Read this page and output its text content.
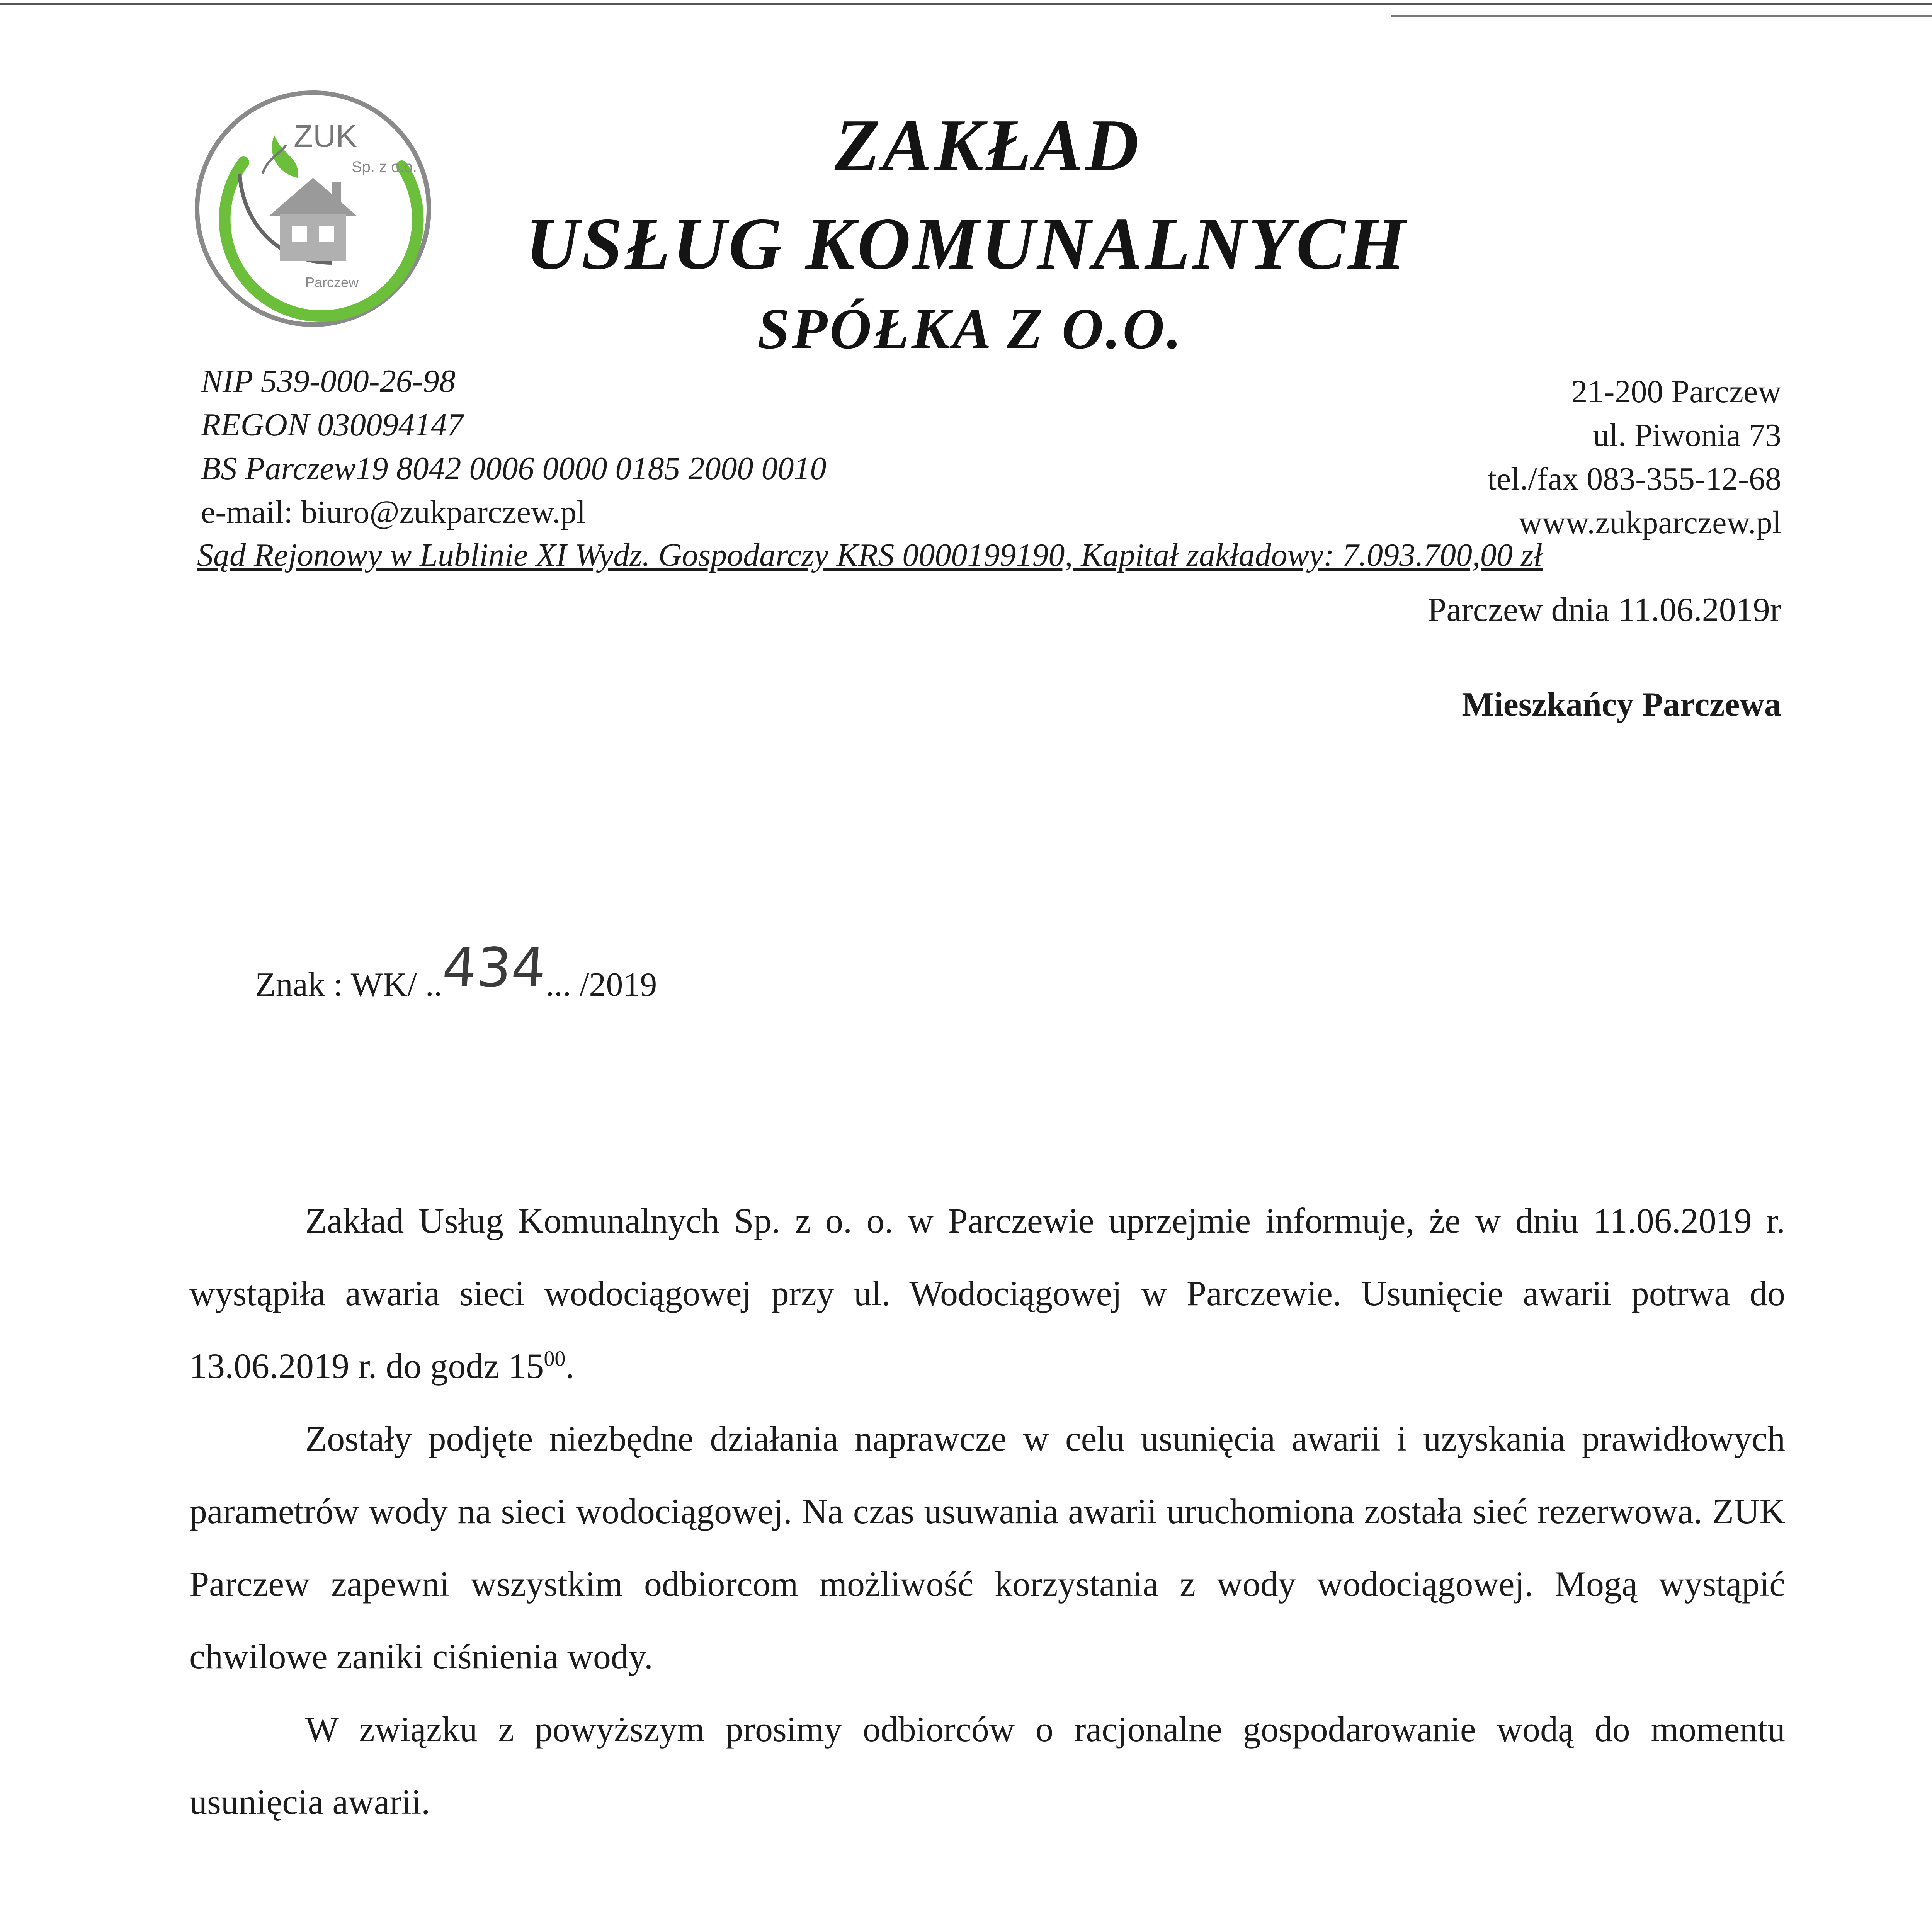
ZUK
Sp. z o.o.
Parczew
ZAKŁAD
USŁUG KOMUNALNYCH
SPÓŁKA Z O.O.
NIP 539-000-26-98
REGON 030094147
BS Parczew19 8042 0006 0000 0185 2000 0010
e-mail: biuro@zukparczew.pl
21-200 Parczew
ul. Piwonia 73
tel./fax 083-355-12-68
www.zukparczew.pl
Sąd Rejonowy w Lublinie XI Wydz. Gospodarczy KRS 0000199190, Kapitał zakładowy: 7.093.700,00 zł
Parczew dnia 11.06.2019r
Mieszkańcy Parczewa
Znak : WK/ ..434... /2019

Zakład Usług Komunalnych Sp. z o. o. w Parczewie uprzejmie informuje, że w dniu 11.06.2019 r. wystąpiła awaria sieci wodociągowej przy ul. Wodociągowej w Parczewie. Usunięcie awarii potrwa do 13.06.2019 r. do godz $15^{00}$.

Zostały podjęte niezbędne działania naprawcze w celu usunięcia awarii i uzyskania prawidłowych parametrów wody na sieci wodociągowej. Na czas usuwania awarii uruchomiona została sieć rezerwowa. ZUK Parczew zapewni wszystkim odbiorcom możliwość korzystania z wody wodociągowej. Mogą wystąpić chwilowe zaniki ciśnienia wody.

W związku z powyższym prosimy odbiorców o racjonalne gospodarowanie wodą do momentu usunięcia awarii.
